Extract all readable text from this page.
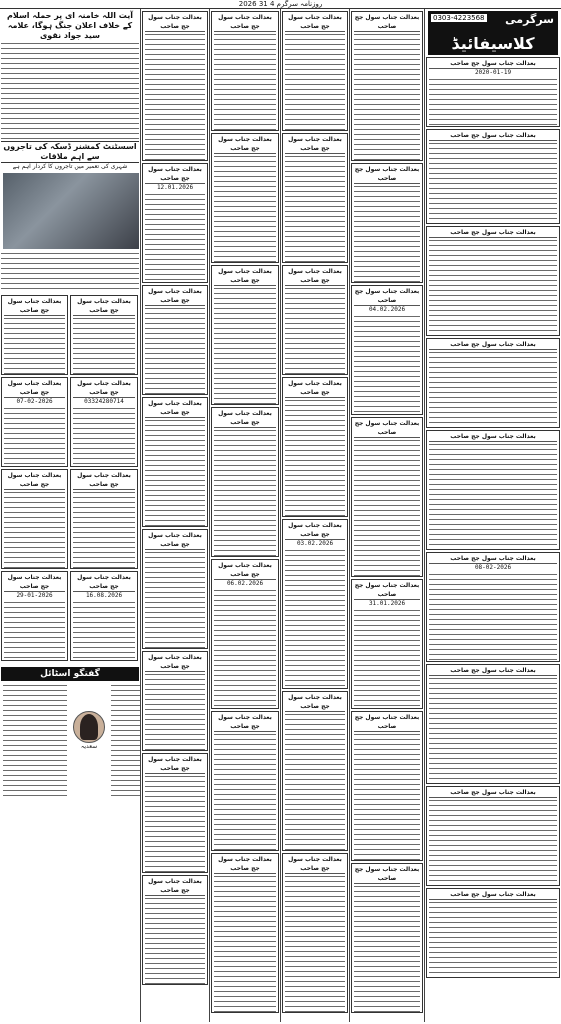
روزنامہ سرگرم 4 31 2026
سرگرمی
0303-4223568
کلاسیفائیڈ
بعدالت جناب سول جج صاحب
2020-01-19
بعدالت جناب سول جج صاحب
بعدالت جناب سول جج صاحب
بعدالت جناب سول جج صاحب
بعدالت جناب سول جج صاحب
بعدالت جناب سول جج صاحب
08-02-2026
بعدالت جناب سول جج صاحب
بعدالت جناب سول جج صاحب
بعدالت جناب سول جج صاحب
بعدالت جناب سول جج صاحب
بعدالت جناب سول جج صاحب
بعدالت جناب سول جج صاحب
04.02.2026
بعدالت جناب سول جج صاحب
بعدالت جناب سول جج صاحب
31.01.2026
بعدالت جناب سول جج صاحب
بعدالت جناب سول جج صاحب
بعدالت جناب سول جج صاحب
بعدالت جناب سول جج صاحب
بعدالت جناب سول جج صاحب
بعدالت جناب سول جج صاحب
بعدالت جناب سول جج صاحب
03.02.2026
بعدالت جناب سول جج صاحب
بعدالت جناب سول جج صاحب
بعدالت جناب سول جج صاحب
بعدالت جناب سول جج صاحب
بعدالت جناب سول جج صاحب
بعدالت جناب سول جج صاحب
بعدالت جناب سول جج صاحب
06.02.2026
بعدالت جناب سول جج صاحب
بعدالت جناب سول جج صاحب
بعدالت جناب سول جج صاحب
بعدالت جناب سول جج صاحب
12.01.2026
بعدالت جناب سول جج صاحب
بعدالت جناب سول جج صاحب
بعدالت جناب سول جج صاحب
بعدالت جناب سول جج صاحب
بعدالت جناب سول جج صاحب
بعدالت جناب سول جج صاحب
آیت اللہ خامنہ ای پر حملہ اسلام کے خلاف اعلان جنگ ہوگا، علامہ سید جواد نقوی
اسسٹنٹ کمشنر ڈسکہ کی تاجروں سے اہم ملاقات
شہری کی تعمیر میں تاجروں کا کردار اہم ہے
بعدالت جناب سول جج صاحب
بعدالت جناب سول جج صاحب
07-02-2026
بعدالت جناب سول جج صاحب
بعدالت جناب سول جج صاحب
29-01-2026
بعدالت جناب سول جج صاحب
بعدالت جناب سول جج صاحب
03324280714
بعدالت جناب سول جج صاحب
بعدالت جناب سول جج صاحب
16.08.2026
گفتگو اسٹائل
سعدیہ
